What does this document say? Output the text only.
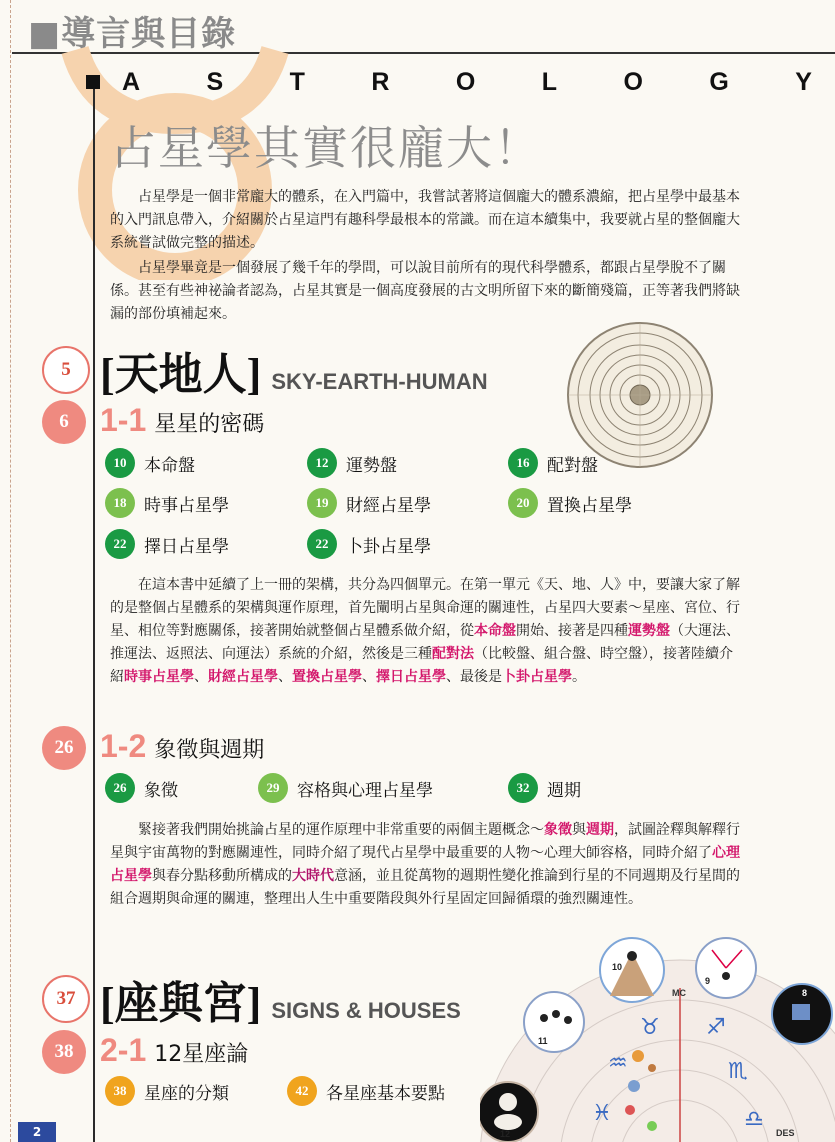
■導言與目錄
A	S	T	R	O	L	O	G	Y
占星學其實很龐大！

占星學是一個非常龐大的體系，在入門篇中，我嘗試著將這個龐大的體系濃縮，把占星學中最基本的入門訊息帶入，介紹關於占星這門有趣科學最根本的常識。而在這本續集中，我要就占星的整個龐大系統嘗試做完整的描述。

占星學畢竟是一個發展了幾千年的學問，可以說目前所有的現代科學體系，都跟占星學脫不了關係。甚至有些神祕論者認為，占星其實是一個高度發展的古文明所留下來的斷簡殘篇，正等著我們將缺漏的部份填補起來。

5 [天地人] SKY-EARTH-HUMAN
6 1-1 星星的密碼
10	本命盤	12	運勢盤	16	配對盤
18	時事占星學	19	財經占星學	20	置換占星學
22	擇日占星學	22	卜卦占星學

在這本書中延續了上一冊的架構，共分為四個單元。在第一單元《天、地、人》中，要讓大家了解的是整個占星體系的架構與運作原理，首先闡明占星與命運的關連性，占星四大要素～星座、宮位、行星、相位等對應關係，接著開始就整個占星體系做介紹，從本命盤開始、接著是四種運勢盤（大運法、推運法、返照法、向運法）系統的介紹，然後是三種配對法（比較盤、組合盤、時空盤），接著陸續介紹時事占星學、財經占星學、置換占星學、擇日占星學、最後是卜卦占星學。

26 1-2 象徵與週期
26	象徵	29	容格與心理占星學	32	週期

緊接著我們開始挑論占星的運作原理中非常重要的兩個主題概念～象徵與週期，試圖詮釋與解釋行星與宇宙萬物的對應關連性，同時介紹了現代占星學中最重要的人物～心理大師容格，同時介紹了心理占星學與春分點移動所構成的大時代意涵，並且從萬物的週期性變化推論到行星的不同週期及行星間的組合週期與命運的關連，整理出人生中重要階段與外行星固定回歸循環的強烈關連性。

37 [座與宮] SIGNS & HOUSES
38 2-1 12星座論
38	星座的分類	42	各星座基本要點
MC
DES
10
9
8
11
12
♉ ♐
♒	♏
♓	♎
2
